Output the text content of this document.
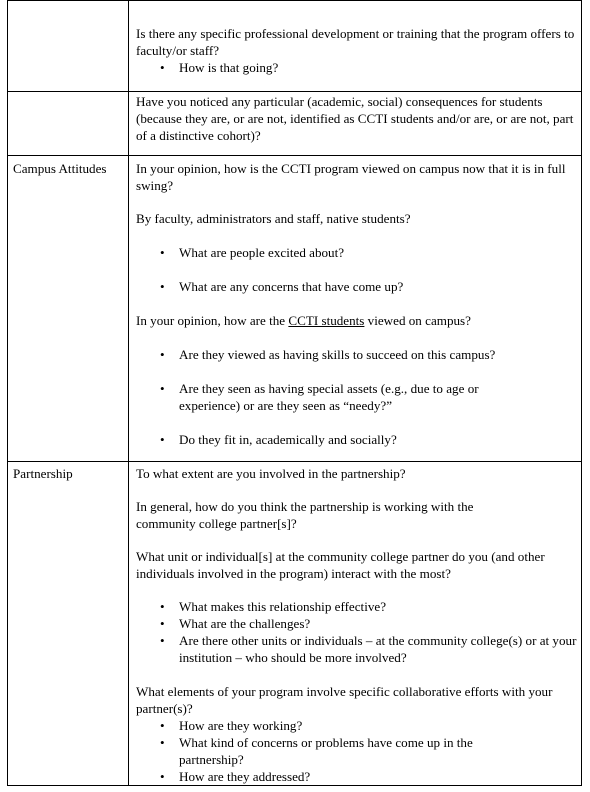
Is there any specific professional development or training that the program offers to faculty/or staff?
• How is that going?
Have you noticed any particular (academic, social) consequences for students (because they are, or are not, identified as CCTI students and/or are, or are not, part of a distinctive cohort)?
Campus Attitudes	In your opinion, how is the CCTI program viewed on campus now that it is in full swing?
By faculty, administrators and staff, native students?
• What are people excited about?
• What are any concerns that have come up?
In your opinion, how are the CCTI students viewed on campus?
• Are they viewed as having skills to succeed on this campus?
• Are they seen as having special assets (e.g., due to age or experience) or are they seen as “needy?”
• Do they fit in, academically and socially?
Partnership	To what extent are you involved in the partnership?
In general, how do you think the partnership is working with the community college partner[s]?
What unit or individual[s] at the community college partner do you (and other individuals involved in the program) interact with the most?
• What makes this relationship effective?
• What are the challenges?
• Are there other units or individuals – at the community college(s) or at your institution – who should be more involved?
What elements of your program involve specific collaborative efforts with your partner(s)?
• How are they working?
• What kind of concerns or problems have come up in the partnership?
• How are they addressed?
